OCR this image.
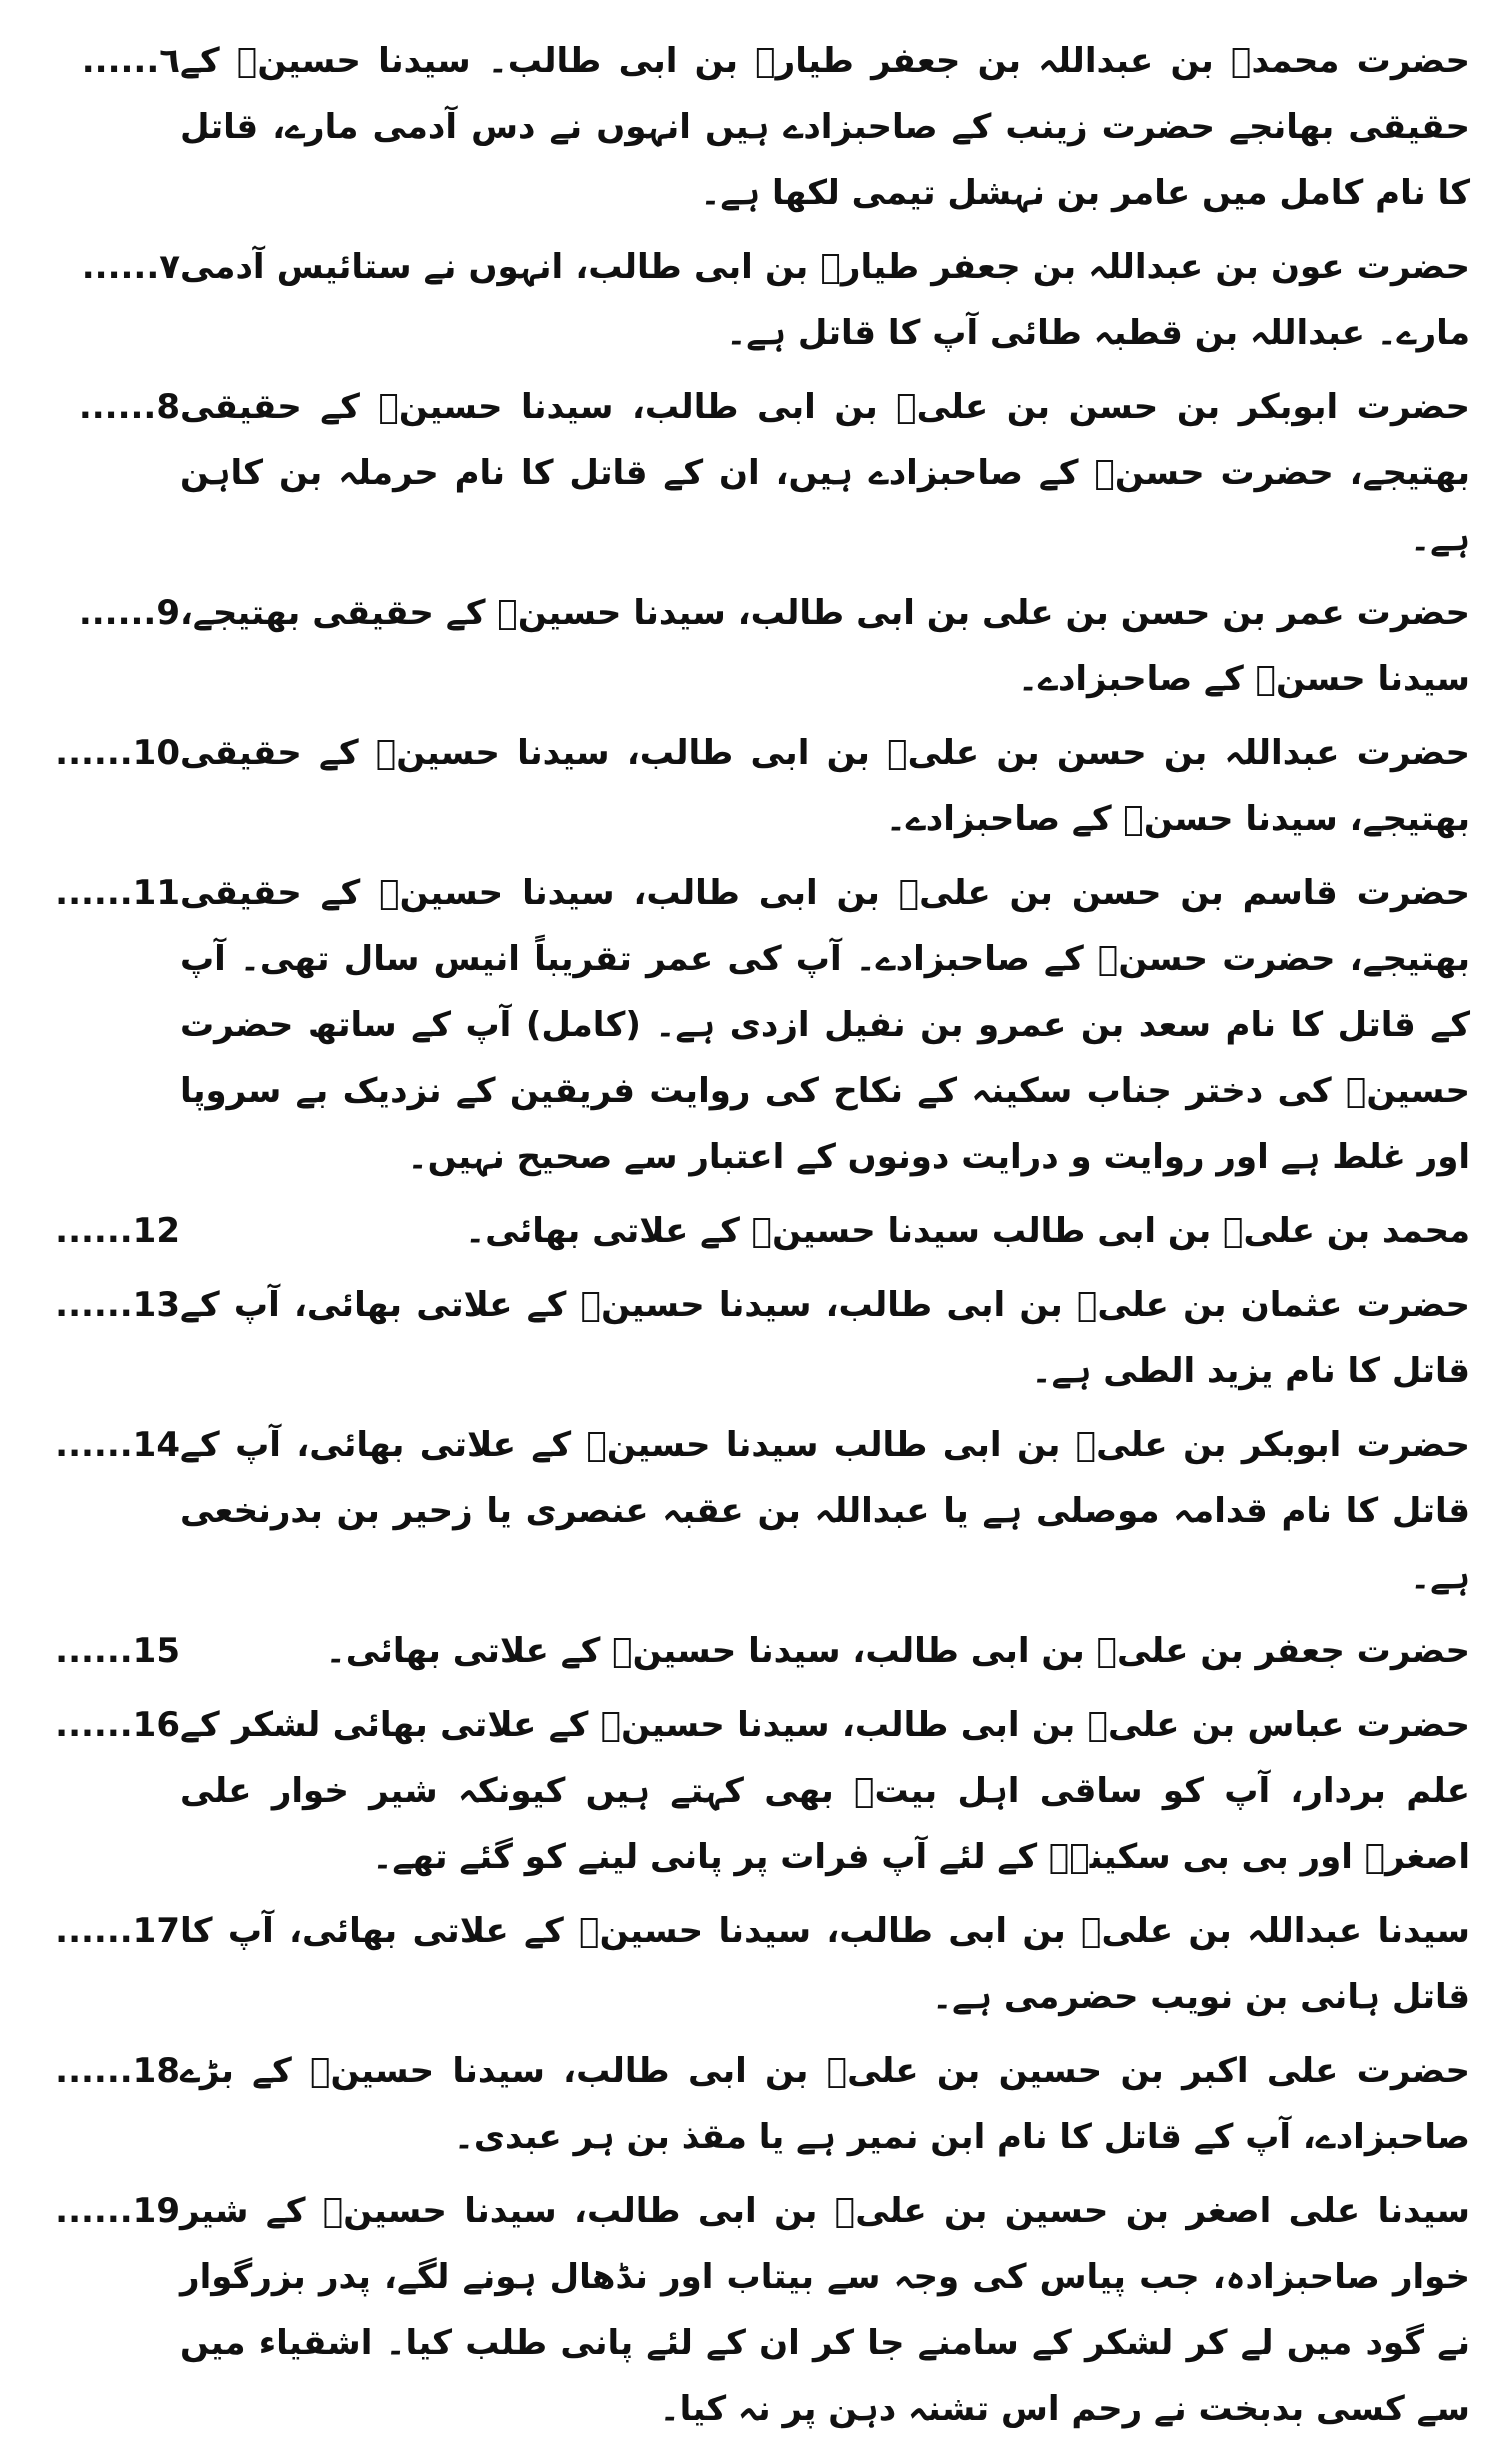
حضرت محمدؓ بن عبداللہ بن جعفر طیارؓ بن ابی طالب۔ سیدنا حسینؓ کے حقیقی بھانجے حضرت زینب کے صاحبزادے ہیں انہوں نے دس آدمی مارے، قاتل کا نام کامل میں عامر بن نہشل تیمی لکھا ہے۔
٦......
حضرت عون بن عبداللہ بن جعفر طیارؓ بن ابی طالب، انہوں نے ستائیس آدمی مارے۔ عبداللہ بن قطبہ طائی آپ کا قاتل ہے۔
۷......
حضرت ابوبکر بن حسن بن علیؓ بن ابی طالب، سیدنا حسینؓ کے حقیقی بھتیجے، حضرت حسنؓ کے صاحبزادے ہیں، ان کے قاتل کا نام حرملہ بن کاہن ہے۔
8......
حضرت عمر بن حسن بن علی بن ابی طالب، سیدنا حسینؓ کے حقیقی بھتیجے، سیدنا حسنؓ کے صاحبزادے۔
9......
حضرت عبداللہ بن حسن بن علیؓ بن ابی طالب، سیدنا حسینؓ کے حقیقی بھتیجے، سیدنا حسنؓ کے صاحبزادے۔
10......
حضرت قاسم بن حسن بن علیؓ بن ابی طالب، سیدنا حسینؓ کے حقیقی بھتیجے، حضرت حسنؓ کے صاحبزادے۔ آپ کی عمر تقریباً انیس سال تھی۔ آپ کے قاتل کا نام سعد بن عمرو بن نفیل ازدی ہے۔ (کامل) آپ کے ساتھ حضرت حسینؓ کی دختر جناب سکینہ کے نکاح کی روایت فریقین کے نزدیک بے سروپا اور غلط ہے اور روایت و درایت دونوں کے اعتبار سے صحیح نہیں۔
11......
محمد بن علیؓ بن ابی طالب سیدنا حسینؓ کے علاتی بھائی۔
12......
حضرت عثمان بن علیؓ بن ابی طالب، سیدنا حسینؓ کے علاتی بھائی، آپ کے قاتل کا نام یزید الطی ہے۔
13......
حضرت ابوبکر بن علیؓ بن ابی طالب سیدنا حسینؓ کے علاتی بھائی، آپ کے قاتل کا نام قدامہ موصلی ہے یا عبداللہ بن عقبہ عنصری یا زحیر بن بدرنخعی ہے۔
14......
حضرت جعفر بن علیؓ بن ابی طالب، سیدنا حسینؓ کے علاتی بھائی۔
15......
حضرت عباس بن علیؓ بن ابی طالب، سیدنا حسینؓ کے علاتی بھائی لشکر کے علم بردار، آپ کو ساقی اہل بیتؓ بھی کہتے ہیں کیونکہ شیر خوار علی اصغرؓ اور بی بی سکینہؓ کے لئے آپ فرات پر پانی لینے کو گئے تھے۔
16......
سیدنا عبداللہ بن علیؓ بن ابی طالب، سیدنا حسینؓ کے علاتی بھائی، آپ کا قاتل ہانی بن نویب حضرمی ہے۔
17......
حضرت علی اکبر بن حسین بن علیؓ بن ابی طالب، سیدنا حسینؓ کے بڑے صاحبزادے، آپ کے قاتل کا نام ابن نمیر ہے یا مقذ بن ہر عبدی۔
18......
سیدنا علی اصغر بن حسین بن علیؓ بن ابی طالب، سیدنا حسینؓ کے شیر خوار صاحبزادہ، جب پیاس کی وجہ سے بیتاب اور نڈھال ہونے لگے، پدر بزرگوار نے گود میں لے کر لشکر کے سامنے جا کر ان کے لئے پانی طلب کیا۔ اشقیاء میں سے کسی بدبخت نے رحم اس تشنہ دہن پر نہ کیا۔
19......
